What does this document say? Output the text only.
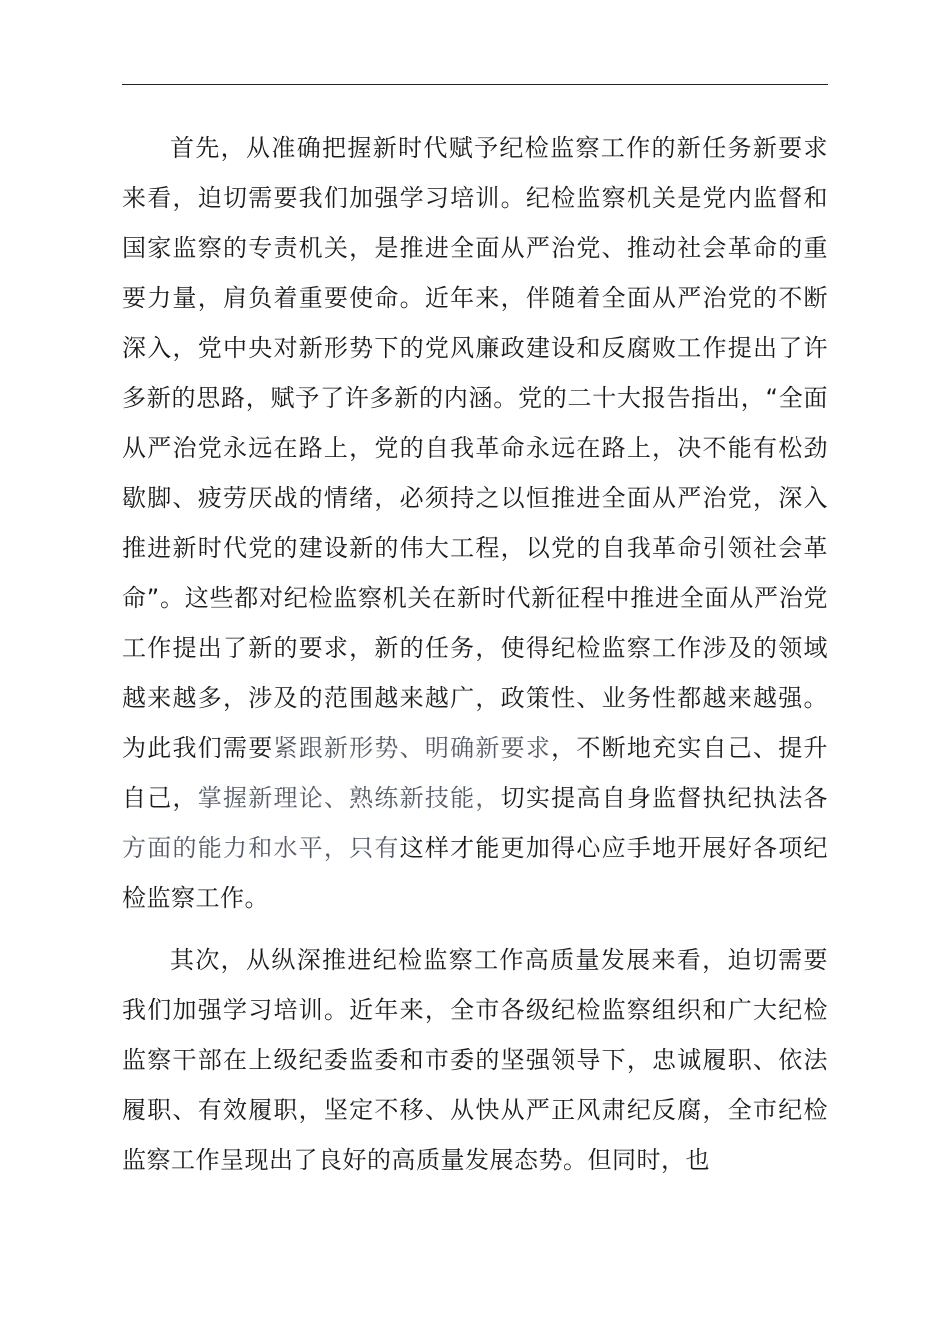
首先，从准确把握新时代赋予纪检监察工作的新任务新要求来看，迫切需要我们加强学习培训。纪检监察机关是党内监督和国家监察的专责机关，是推进全面从严治党、推动社会革命的重要力量，肩负着重要使命。近年来，伴随着全面从严治党的不断深入，党中央对新形势下的党风廉政建设和反腐败工作提出了许多新的思路，赋予了许多新的内涵。党的二十大报告指出，“全面从严治党永远在路上，党的自我革命永远在路上，决不能有松劲歇脚、疲劳厌战的情绪，必须持之以恒推进全面从严治党，深入推进新时代党的建设新的伟大工程，以党的自我革命引领社会革命”。这些都对纪检监察机关在新时代新征程中推进全面从严治党工作提出了新的要求，新的任务，使得纪检监察工作涉及的领域越来越多，涉及的范围越来越广，政策性、业务性都越来越强。为此我们需要紧跟新形势、明确新要求，不断地充实自己、提升自己，掌握新理论、熟练新技能，切实提高自身监督执纪执法各方面的能力和水平，只有这样才能更加得心应手地开展好各项纪检监察工作。

其次，从纵深推进纪检监察工作高质量发展来看，迫切需要我们加强学习培训。近年来，全市各级纪检监察组织和广大纪检监察干部在上级纪委监委和市委的坚强领导下，忠诚履职、依法履职、有效履职，坚定不移、从快从严正风肃纪反腐，全市纪检监察工作呈现出了良好的高质量发展态势。但同时，也
